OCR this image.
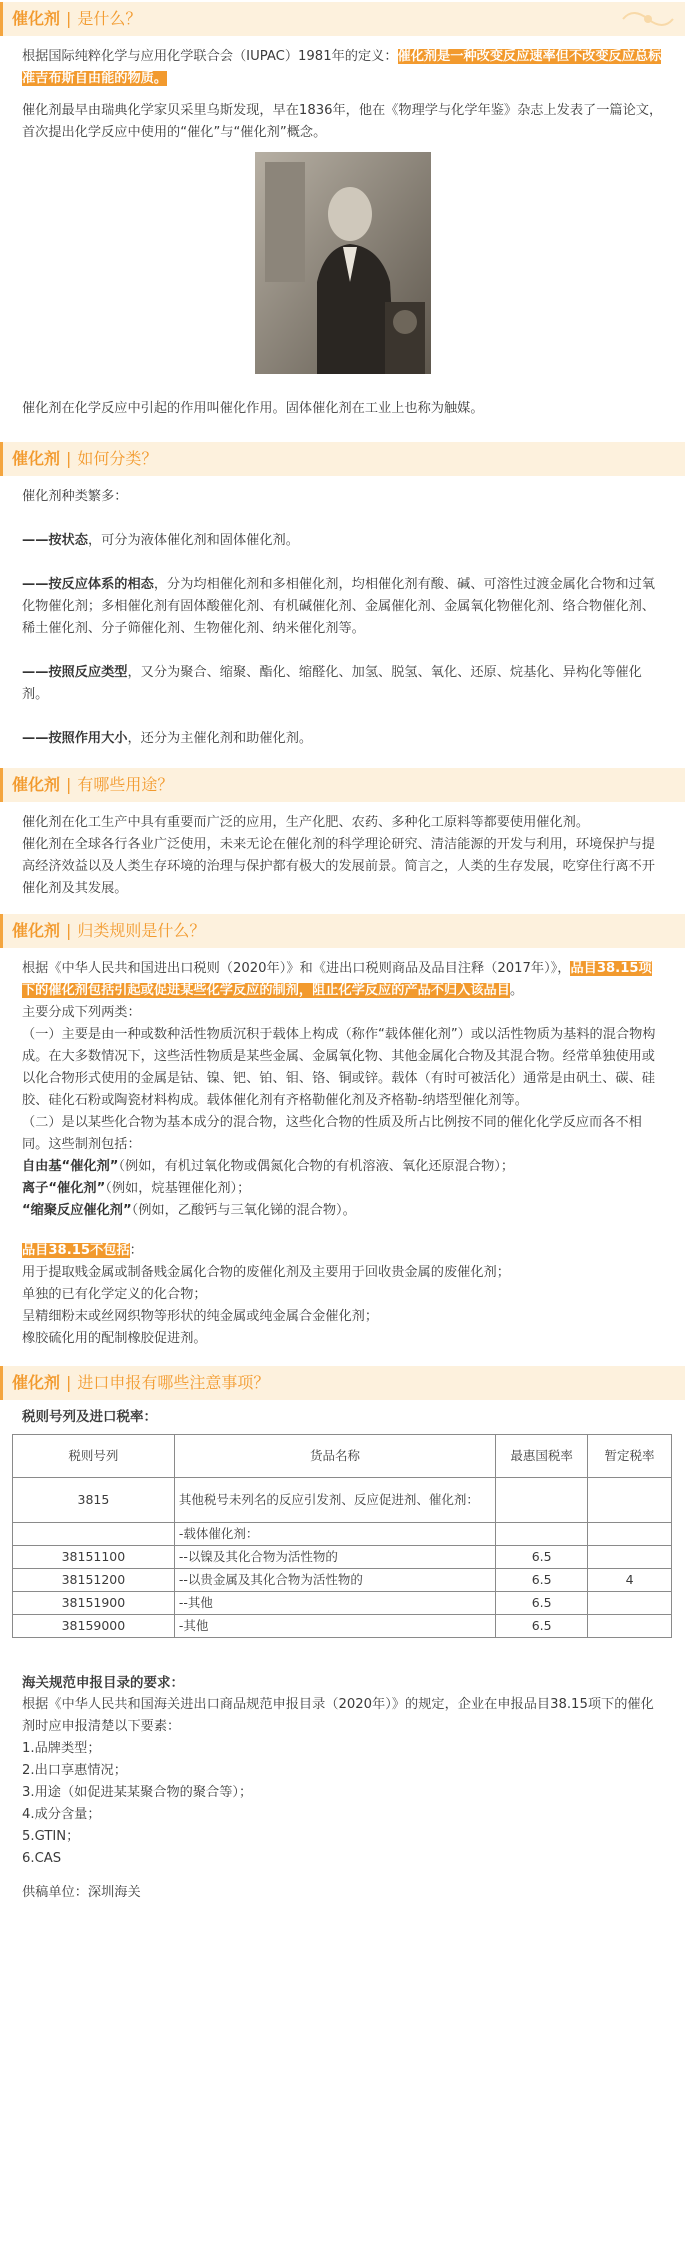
催化剂 | 是什么？

根据国际纯粹化学与应用化学联合会（IUPAC）1981年的定义：催化剂是一种改变反应速率但不改变反应总标准吉布斯自由能的物质。

催化剂最早由瑞典化学家贝采里乌斯发现，早在1836年，他在《物理学与化学年鉴》杂志上发表了一篇论文，首次提出化学反应中使用的“催化”与“催化剂”概念。

催化剂在化学反应中引起的作用叫催化作用。固体催化剂在工业上也称为触媒。

催化剂 | 如何分类？

催化剂种类繁多：

——按状态，可分为液体催化剂和固体催化剂。

——按反应体系的相态，分为均相催化剂和多相催化剂，均相催化剂有酸、碱、可溶性过渡金属化合物和过氧化物催化剂；多相催化剂有固体酸催化剂、有机碱催化剂、金属催化剂、金属氧化物催化剂、络合物催化剂、稀土催化剂、分子筛催化剂、生物催化剂、纳米催化剂等。

——按照反应类型，又分为聚合、缩聚、酯化、缩醛化、加氢、脱氢、氧化、还原、烷基化、异构化等催化剂。

——按照作用大小，还分为主催化剂和助催化剂。

催化剂 | 有哪些用途？

催化剂在化工生产中具有重要而广泛的应用，生产化肥、农药、多种化工原料等都要使用催化剂。

催化剂在全球各行各业广泛使用，未来无论在催化剂的科学理论研究、清洁能源的开发与利用，环境保护与提高经济效益以及人类生存环境的治理与保护都有极大的发展前景。简言之，人类的生存发展，吃穿住行离不开催化剂及其发展。

催化剂 | 归类规则是什么？

根据《中华人民共和国进出口税则（2020年）》和《进出口税则商品及品目注释（2017年）》，品目38.15项下的催化剂包括引起或促进某些化学反应的制剂，阻止化学反应的产品不归入该品目。

主要分成下列两类：

（一）主要是由一种或数种活性物质沉积于载体上构成（称作“载体催化剂”）或以活性物质为基料的混合物构成。在大多数情况下，这些活性物质是某些金属、金属氧化物、其他金属化合物及其混合物。经常单独使用或以化合物形式使用的金属是钴、镍、钯、铂、钼、铬、铜或锌。载体（有时可被活化）通常是由矾土、碳、硅胶、硅化石粉或陶瓷材料构成。载体催化剂有齐格勒催化剂及齐格勒-纳塔型催化剂等。

（二）是以某些化合物为基本成分的混合物，这些化合物的性质及所占比例按不同的催化化学反应而各不相同。这些制剂包括：

自由基“催化剂”（例如，有机过氧化物或偶氮化合物的有机溶液、氧化还原混合物）；

离子“催化剂”（例如，烷基锂催化剂）；

“缩聚反应催化剂”（例如，乙酸钙与三氧化锑的混合物）。

品目38.15不包括：

用于提取贱金属或制备贱金属化合物的废催化剂及主要用于回收贵金属的废催化剂；

单独的已有化学定义的化合物；

呈精细粉末或丝网织物等形状的纯金属或纯金属合金催化剂；

橡胶硫化用的配制橡胶促进剂。

催化剂 | 进口申报有哪些注意事项？
税则号列及进口税率：
税则号列	货品名称	最惠国税率	暂定税率
3815	其他税号未列名的反应引发剂、反应促进剂、催化剂：		
	-载体催化剂：		
38151100	--以镍及其化合物为活性物的	6.5	
38151200	--以贵金属及其化合物为活性物的	6.5	4
38151900	--其他	6.5	
38159000	-其他	6.5	
海关规范申报目录的要求：

根据《中华人民共和国海关进出口商品规范申报目录（2020年）》的规定，企业在申报品目38.15项下的催化剂时应申报清楚以下要素：

1.品牌类型；

2.出口享惠情况；

3.用途（如促进某某聚合物的聚合等）；

4.成分含量；

5.GTIN；

6.CAS

供稿单位：深圳海关
